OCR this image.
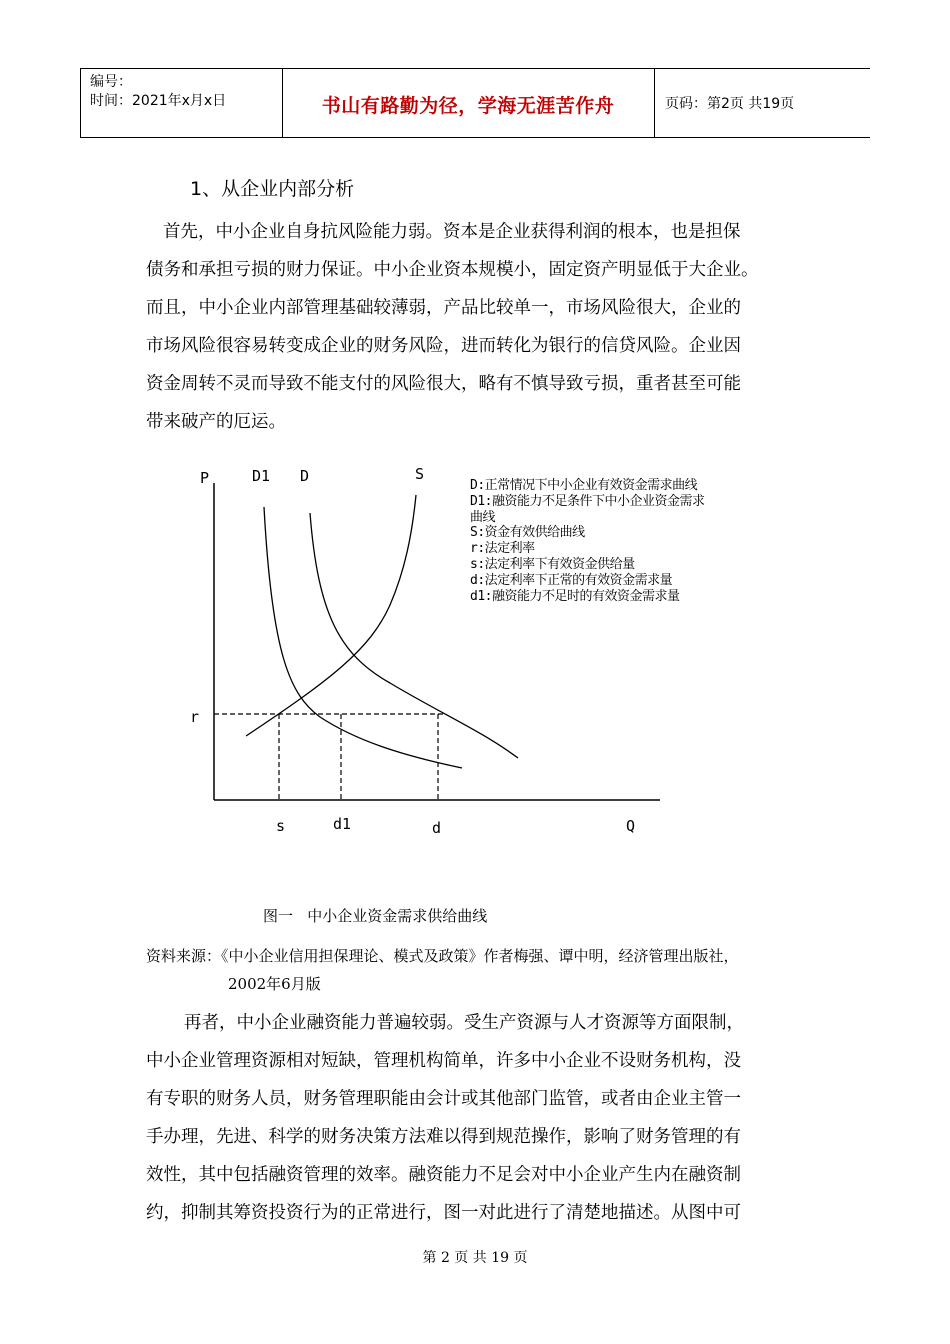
编号：
时间：2021年x月x日	书山有路勤为径，学海无涯苦作舟	页码：第2页 共19页
1、从企业内部分析
首先，中小企业自身抗风险能力弱。资本是企业获得利润的根本，也是担保
债务和承担亏损的财力保证。中小企业资本规模小，固定资产明显低于大企业。
而且，中小企业内部管理基础较薄弱，产品比较单一，市场风险很大，企业的
市场风险很容易转变成企业的财务风险，进而转化为银行的信贷风险。企业因
资金周转不灵而导致不能支付的风险很大，略有不慎导致亏损，重者甚至可能
带来破产的厄运。
P	D1 D	S
r
s	d1	d	Q
D:正常情况下中小企业有效资金需求曲线
D1:融资能力不足条件下中小企业资金需求
曲线
S:资金有效供给曲线
r:法定利率
s:法定利率下有效资金供给量
d:法定利率下正常的有效资金需求量
d1:融资能力不足时的有效资金需求量
图一   中小企业资金需求供给曲线
资料来源：《中小企业信用担保理论、模式及政策》作者梅强、谭中明，经济管理出版社，
2002年6月版
再者，中小企业融资能力普遍较弱。受生产资源与人才资源等方面限制，
中小企业管理资源相对短缺，管理机构简单，许多中小企业不设财务机构，没
有专职的财务人员，财务管理职能由会计或其他部门监管，或者由企业主管一
手办理，先进、科学的财务决策方法难以得到规范操作，影响了财务管理的有
效性，其中包括融资管理的效率。融资能力不足会对中小企业产生内在融资制
约，抑制其筹资投资行为的正常进行，图一对此进行了清楚地描述。从图中可
第 2 页 共 19 页
